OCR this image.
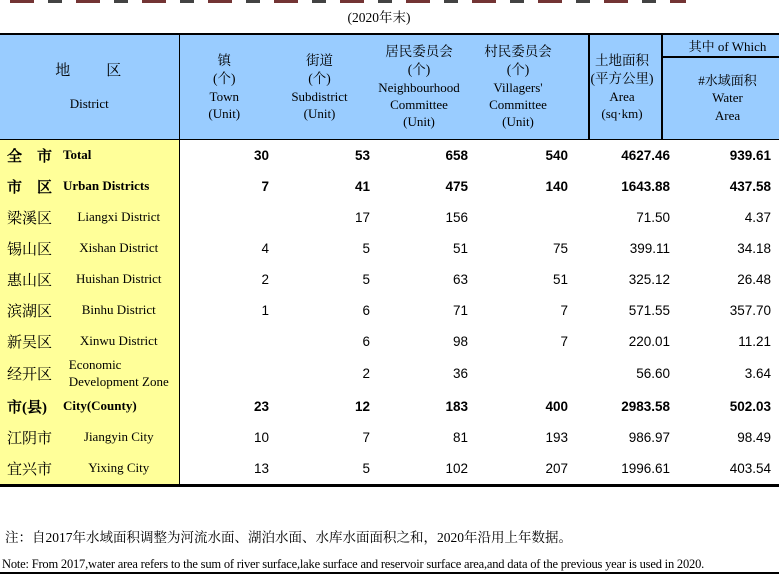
(2020年末)
地　　区
District

镇
(个)
Town
(Unit)

街道
(个)
Subdistrict
(Unit)

居民委员会
(个)
Neighbourhood Committee
(Unit)

村民委员会
(个)
Villagers' Committee
(Unit)

土地面积
(平方公里)
Area
(sq·km)

其中 of Which
#水域面积
Water Area

全　市 Total	30	53	658	540	4627.46	939.61

市　区 Urban Districts	7	41	475	140	1643.88	437.58

梁溪区 Liangxi District		17	156		71.50	4.37

锡山区 Xishan District	4	5	51	75	399.11	34.18

惠山区 Huishan District	2	5	63	51	325.12	26.48

滨湖区 Binhu District	1	6	71	7	571.55	357.70

新吴区 Xinwu District		6	98	7	220.01	11.21

经开区
Economic Development Zone		2	36		56.60	3.64

市(县) City(County)	23	12	183	400	2983.58	502.03

江阴市 Jiangyin City	10	7	81	193	986.97	98.49

宜兴市 Yixing City	13	5	102	207	1996.61	403.54
注：自2017年水域面积调整为河流水面、湖泊水面、水库水面面积之和，2020年沿用上年数据。
Note: From 2017,water area refers to the sum of river surface,lake surface and reservoir surface area,and data of the previous year is used in 2020.
